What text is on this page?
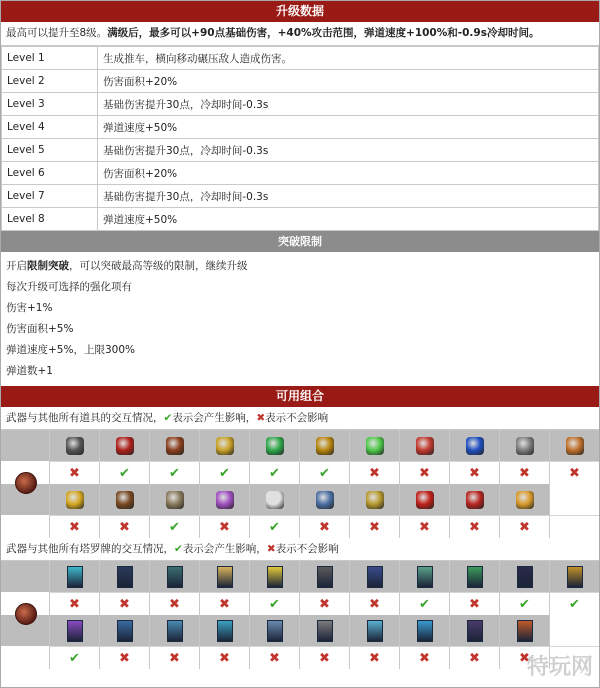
升级数据
最高可以提升至8级。满级后，最多可以+90点基础伤害，+40%攻击范围，弹道速度+100%和-0.9s冷却时间。
Level 1	生成推车，横向移动碾压敌人造成伤害。
Level 2	伤害面积+20%
Level 3	基础伤害提升30点，冷却时间-0.3s
Level 4	弹道速度+50%
Level 5	基础伤害提升30点，冷却时间-0.3s
Level 6	伤害面积+20%
Level 7	基础伤害提升30点，冷却时间-0.3s
Level 8	弹道速度+50%
突破限制
开启限制突破，可以突破最高等级的限制，继续升级
每次升级可选择的强化项有
伤害+1%
伤害面积+5%
弹道速度+5%，上限300%
弹道数+1
可用组合
武器与其他所有道具的交互情况，✔表示会产生影响，✖表示不会影响
✖	✔	✔	✔	✔	✔	✖	✖	✖	✖	✖
✖	✖	✔	✖	✔	✖	✖	✖	✖	✖
武器与其他所有塔罗牌的交互情况，✔表示会产生影响，✖表示不会影响
✖	✖	✖	✖	✔	✖	✖	✔	✖	✔	✔
✔	✖	✖	✖	✖	✖	✖	✖	✖	✖
特玩网
